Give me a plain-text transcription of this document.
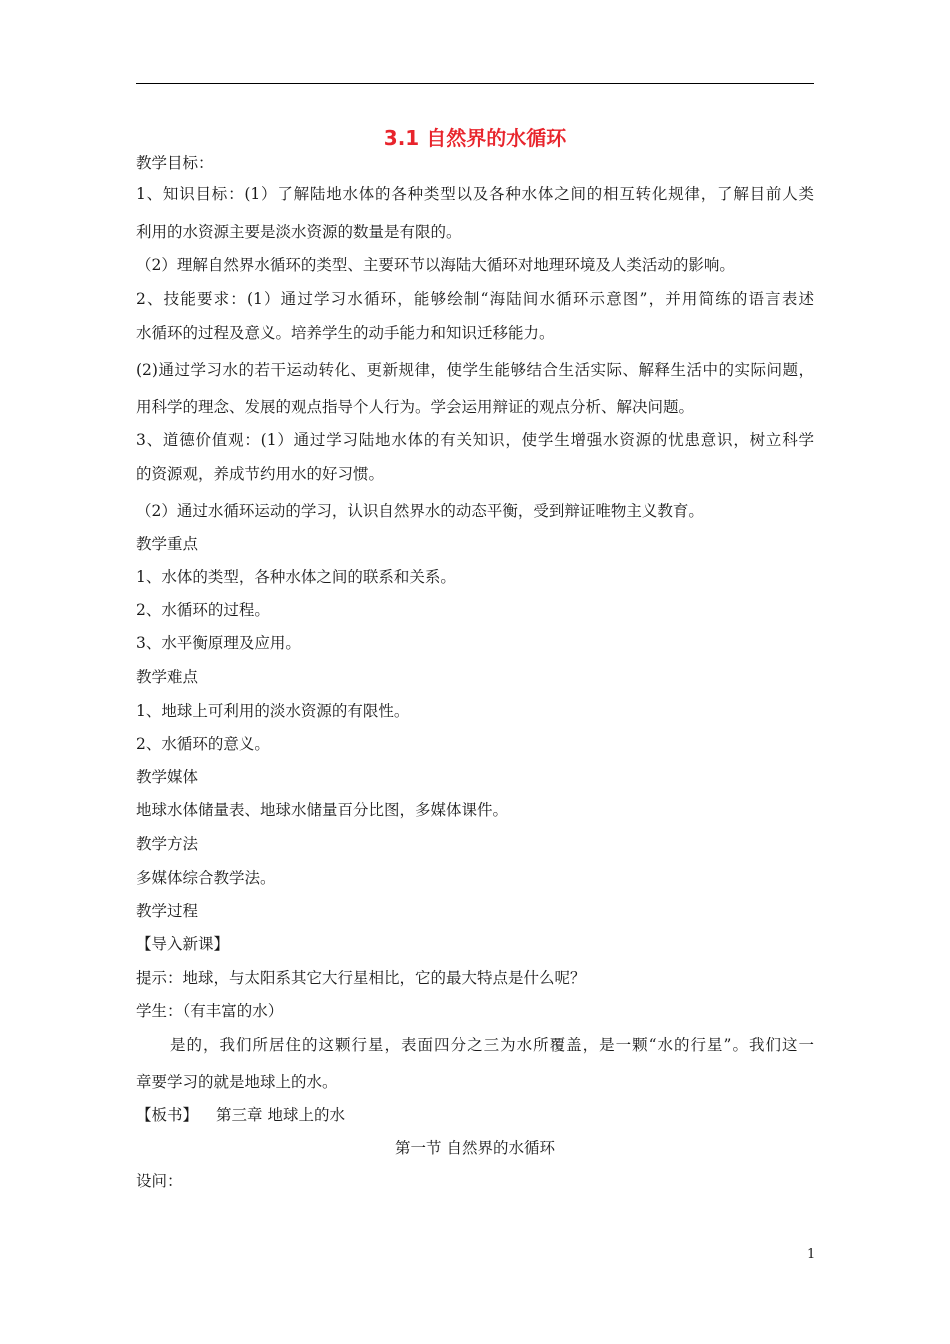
3.1 自然界的水循环
教学目标：
1、知识目标：(1）了解陆地水体的各种类型以及各种水体之间的相互转化规律，了解目前人类
利用的水资源主要是淡水资源的数量是有限的。
（2）理解自然界水循环的类型、主要环节以海陆大循环对地理环境及人类活动的影响。
2、技能要求：(1）通过学习水循环，能够绘制“海陆间水循环示意图”，并用简练的语言表述
水循环的过程及意义。培养学生的动手能力和知识迁移能力。
(2)通过学习水的若干运动转化、更新规律，使学生能够结合生活实际、解释生活中的实际问题，
用科学的理念、发展的观点指导个人行为。学会运用辩证的观点分析、解决问题。
3、道德价值观：(1）通过学习陆地水体的有关知识，使学生增强水资源的忧患意识，树立科学
的资源观，养成节约用水的好习惯。
（2）通过水循环运动的学习，认识自然界水的动态平衡，受到辩证唯物主义教育。
教学重点
1、水体的类型，各种水体之间的联系和关系。
2、水循环的过程。
3、水平衡原理及应用。
教学难点
1、地球上可利用的淡水资源的有限性。
2、水循环的意义。
教学媒体
地球水体储量表、地球水储量百分比图，多媒体课件。
教学方法
多媒体综合教学法。
教学过程
【导入新课】
提示：地球，与太阳系其它大行星相比，它的最大特点是什么呢？
学生：（有丰富的水）
是的，我们所居住的这颗行星，表面四分之三为水所覆盖，是一颗“水的行星”。我们这一
章要学习的就是地球上的水。
【板书】 第三章 地球上的水
第一节 自然界的水循环
设问：
1
